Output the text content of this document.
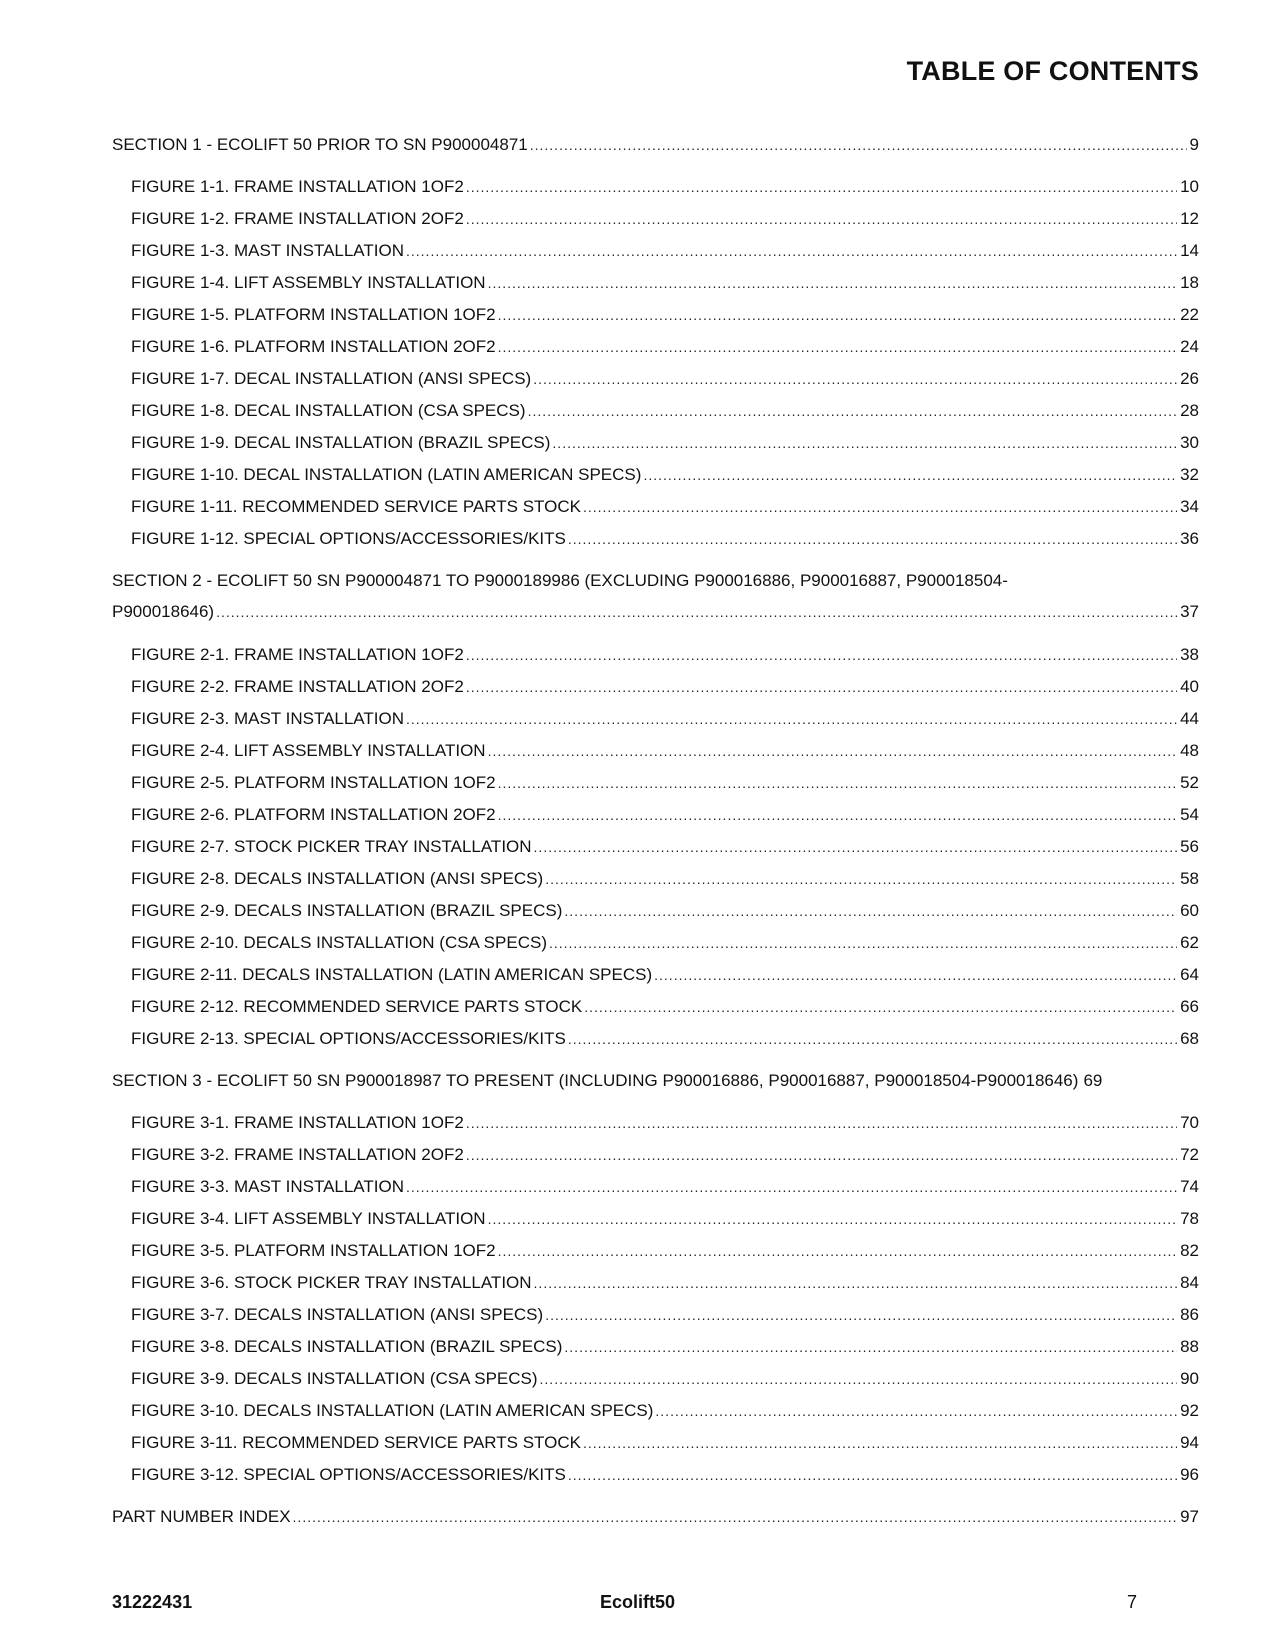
TABLE OF CONTENTS
SECTION 1 - ECOLIFT 50 PRIOR TO SN P900004871 .....	9
FIGURE 1-1. FRAME INSTALLATION 1OF2 .....	10
FIGURE 1-2. FRAME INSTALLATION 2OF2 .....	12
FIGURE 1-3. MAST INSTALLATION .....	14
FIGURE 1-4. LIFT ASSEMBLY INSTALLATION .....	18
FIGURE 1-5. PLATFORM INSTALLATION 1OF2 .....	22
FIGURE 1-6. PLATFORM INSTALLATION 2OF2 .....	24
FIGURE 1-7. DECAL INSTALLATION (ANSI SPECS) .....	26
FIGURE 1-8. DECAL INSTALLATION (CSA SPECS) .....	28
FIGURE 1-9. DECAL INSTALLATION (BRAZIL SPECS) .....	30
FIGURE 1-10. DECAL INSTALLATION (LATIN AMERICAN SPECS) .....	32
FIGURE 1-11. RECOMMENDED SERVICE PARTS STOCK .....	34
FIGURE 1-12. SPECIAL OPTIONS/ACCESSORIES/KITS .....	36
SECTION 2 - ECOLIFT 50 SN P900004871 TO P9000189986 (EXCLUDING P900016886, P900016887, P900018504-
P900018646) .....	37
FIGURE 2-1. FRAME INSTALLATION 1OF2 .....	38
FIGURE 2-2. FRAME INSTALLATION 2OF2 .....	40
FIGURE 2-3. MAST INSTALLATION .....	44
FIGURE 2-4. LIFT ASSEMBLY INSTALLATION .....	48
FIGURE 2-5. PLATFORM INSTALLATION 1OF2 .....	52
FIGURE 2-6. PLATFORM INSTALLATION 2OF2 .....	54
FIGURE 2-7. STOCK PICKER TRAY INSTALLATION .....	56
FIGURE 2-8. DECALS INSTALLATION (ANSI SPECS) .....	58
FIGURE 2-9. DECALS INSTALLATION (BRAZIL SPECS) .....	60
FIGURE 2-10. DECALS INSTALLATION (CSA SPECS) .....	62
FIGURE 2-11. DECALS INSTALLATION (LATIN AMERICAN SPECS) .....	64
FIGURE 2-12. RECOMMENDED SERVICE PARTS STOCK .....	66
FIGURE 2-13. SPECIAL OPTIONS/ACCESSORIES/KITS .....	68
SECTION 3 - ECOLIFT 50 SN P900018987 TO PRESENT (INCLUDING P900016886, P900016887, P900018504-P900018646) 69
FIGURE 3-1. FRAME INSTALLATION 1OF2 .....	70
FIGURE 3-2. FRAME INSTALLATION 2OF2 .....	72
FIGURE 3-3. MAST INSTALLATION .....	74
FIGURE 3-4. LIFT ASSEMBLY INSTALLATION .....	78
FIGURE 3-5. PLATFORM INSTALLATION 1OF2 .....	82
FIGURE 3-6. STOCK PICKER TRAY INSTALLATION .....	84
FIGURE 3-7. DECALS INSTALLATION (ANSI SPECS) .....	86
FIGURE 3-8. DECALS INSTALLATION (BRAZIL SPECS) .....	88
FIGURE 3-9. DECALS INSTALLATION (CSA SPECS) .....	90
FIGURE 3-10. DECALS INSTALLATION (LATIN AMERICAN SPECS) .....	92
FIGURE 3-11. RECOMMENDED SERVICE PARTS STOCK .....	94
FIGURE 3-12. SPECIAL OPTIONS/ACCESSORIES/KITS .....	96
PART NUMBER INDEX .....	97
Ecolift50
31222431	7
